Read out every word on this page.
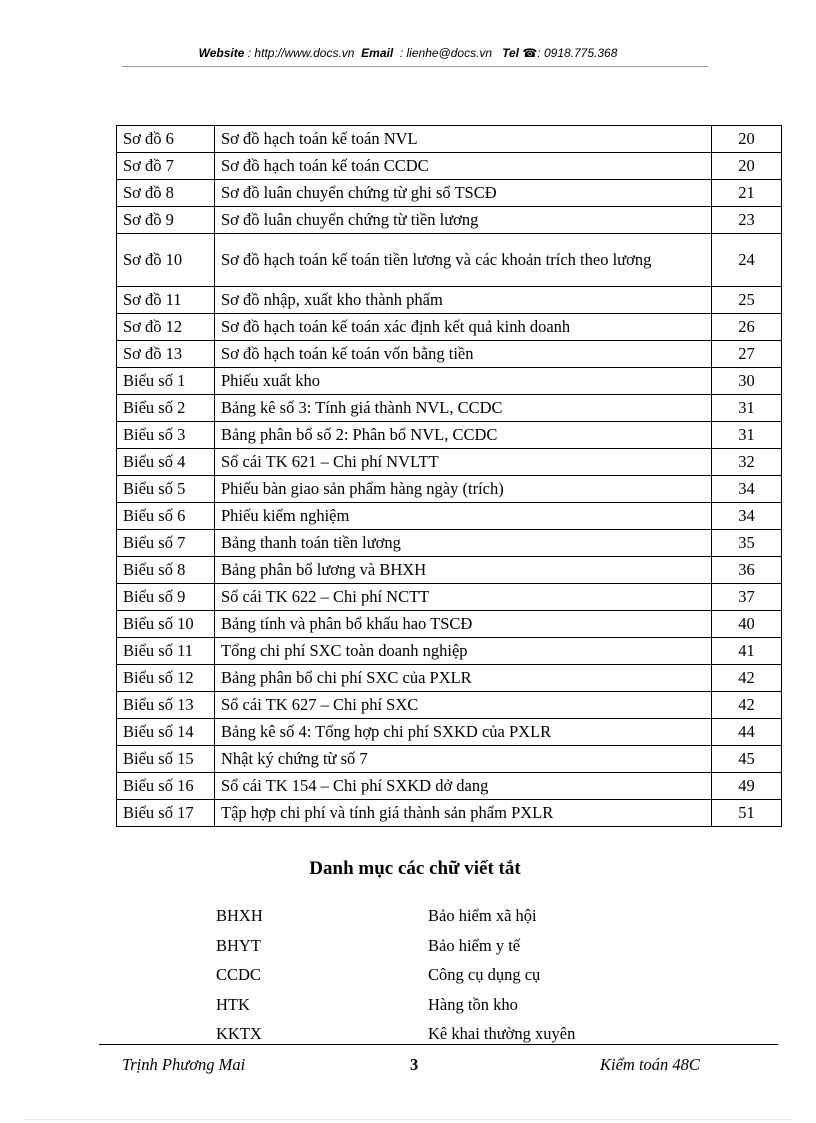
Website : http://www.docs.vn Email : lienhe@docs.vn Tel ☎: 0918.775.368
Sơ đồ 6	Sơ đồ hạch toán kế toán NVL	20
Sơ đồ 7	Sơ đồ hạch toán kế toán CCDC	20
Sơ đồ 8	Sơ đồ luân chuyển chứng từ ghi sổ TSCĐ	21
Sơ đồ 9	Sơ đồ luân chuyển chứng từ tiền lương	23
Sơ đồ 10	Sơ đồ hạch toán kế toán tiền lương và các khoản trích theo lương	24
Sơ đồ 11	Sơ đồ nhập, xuất kho thành phẩm	25
Sơ đồ 12	Sơ đồ hạch toán kế toán xác định kết quả kinh doanh	26
Sơ đồ 13	Sơ đồ hạch toán kế toán vốn bằng tiền	27
Biểu số 1	Phiếu xuất kho	30
Biểu số 2	Bảng kê số 3: Tính giá thành NVL, CCDC	31
Biểu số 3	Bảng phân bổ số 2: Phân bổ NVL, CCDC	31
Biểu số 4	Sổ cái TK 621 – Chi phí NVLTT	32
Biểu số 5	Phiếu bàn giao sản phẩm hàng ngày (trích)	34
Biểu số 6	Phiếu kiểm nghiệm	34
Biểu số 7	Bảng thanh toán tiền lương	35
Biểu số 8	Bảng phân bổ lương và BHXH	36
Biểu số 9	Sổ cái TK 622 – Chi phí NCTT	37
Biểu số 10	Bảng tính và phân bổ khấu hao TSCĐ	40
Biểu số 11	Tổng chi phí SXC toàn doanh nghiệp	41
Biểu số 12	Bảng phân bổ chi phí SXC của PXLR	42
Biểu số 13	Sổ cái TK 627 – Chi phí SXC	42
Biểu số 14	Bảng kê số 4: Tổng hợp chi phí SXKD của PXLR	44
Biểu số 15	Nhật ký chứng từ số 7	45
Biểu số 16	Sổ cái TK 154 – Chi phí SXKD dở dang	49
Biểu số 17	Tập hợp chi phí và tính giá thành sản phẩm PXLR	51
Danh mục các chữ viết tắt
BHXH	Bảo hiểm xã hội
BHYT	Bảo hiểm y tế
CCDC	Công cụ dụng cụ
HTK	Hàng tồn kho
KKTX	Kê khai thường xuyên
Trịnh Phương Mai	3	Kiểm toán 48C
